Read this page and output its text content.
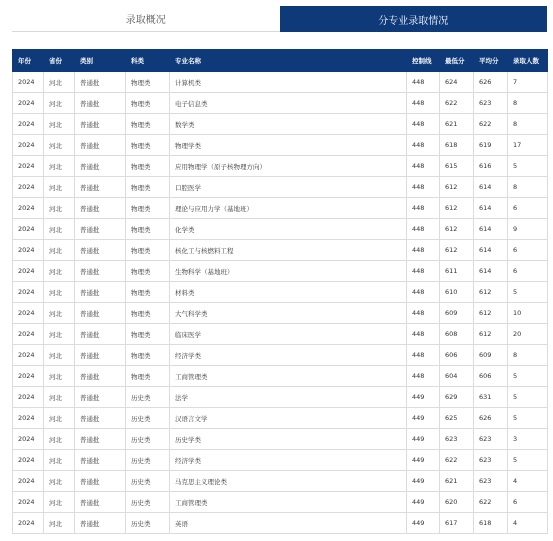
录取概况	分专业录取情况
年份	省份	类别	科类	专业名称	控制线	最低分	平均分	录取人数
2024	河北	普通批	物理类	计算机类	448	624	626	7
2024	河北	普通批	物理类	电子信息类	448	622	623	8
2024	河北	普通批	物理类	数学类	448	621	622	8
2024	河北	普通批	物理类	物理学类	448	618	619	17
2024	河北	普通批	物理类	应用物理学（原子核物理方向）	448	615	616	5
2024	河北	普通批	物理类	口腔医学	448	612	614	8
2024	河北	普通批	物理类	理论与应用力学（基地班）	448	612	614	6
2024	河北	普通批	物理类	化学类	448	612	614	9
2024	河北	普通批	物理类	核化工与核燃料工程	448	612	614	6
2024	河北	普通批	物理类	生物科学（基地班）	448	611	614	6
2024	河北	普通批	物理类	材料类	448	610	612	5
2024	河北	普通批	物理类	大气科学类	448	609	612	10
2024	河北	普通批	物理类	临床医学	448	608	612	20
2024	河北	普通批	物理类	经济学类	448	606	609	8
2024	河北	普通批	物理类	工商管理类	448	604	606	5
2024	河北	普通批	历史类	法学	449	629	631	5
2024	河北	普通批	历史类	汉语言文学	449	625	626	5
2024	河北	普通批	历史类	历史学类	449	623	623	3
2024	河北	普通批	历史类	经济学类	449	622	623	5
2024	河北	普通批	历史类	马克思主义理论类	449	621	623	4
2024	河北	普通批	历史类	工商管理类	449	620	622	6
2024	河北	普通批	历史类	英语	449	617	618	4
